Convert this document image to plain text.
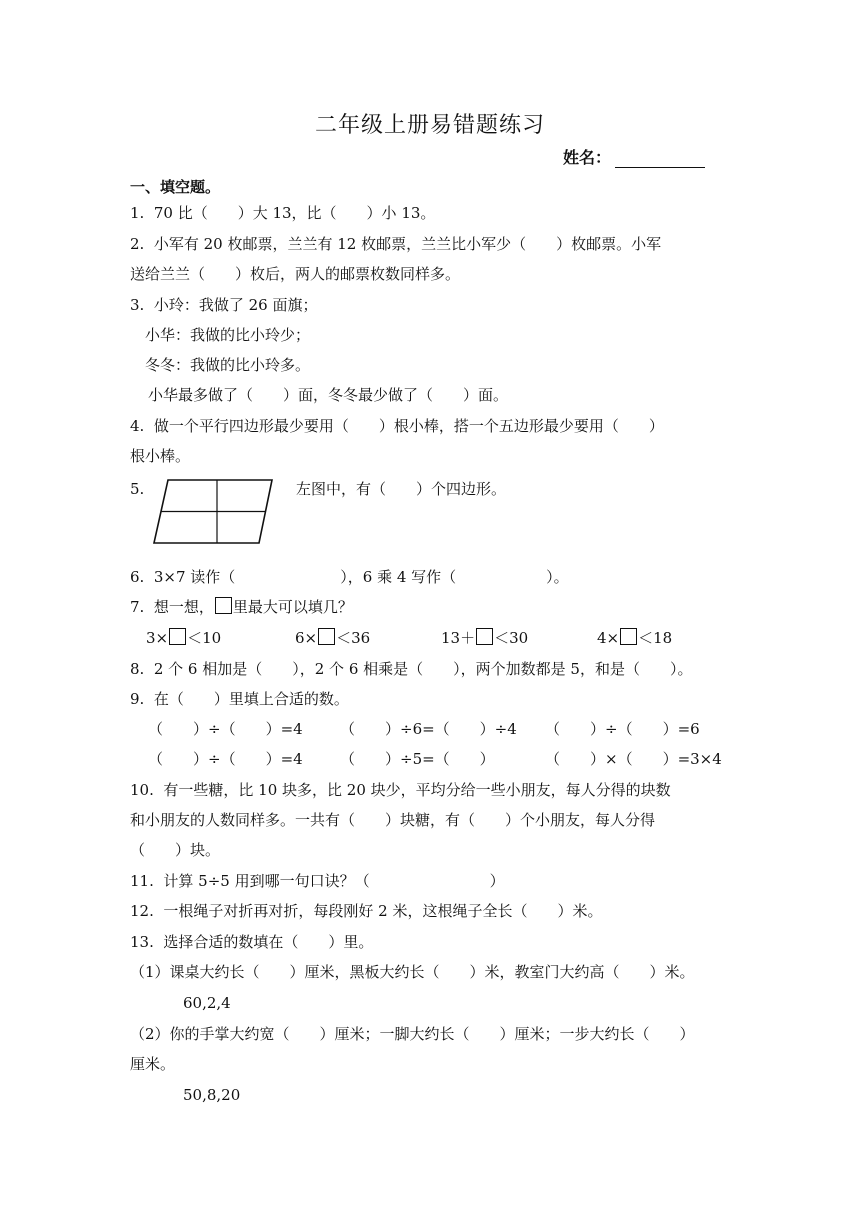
二年级上册易错题练习
姓名：
一、填空题。
1.  70 比（　　）大 13，比（　　）小 13。
2.  小军有 20 枚邮票，兰兰有 12 枚邮票，兰兰比小军少（　　）枚邮票。小军
送给兰兰（　　）枚后，两人的邮票枚数同样多。
3.  小玲：我做了 26 面旗；
小华：我做的比小玲少；
冬冬：我做的比小玲多。
小华最多做了（　　）面，冬冬最少做了（　　）面。
4.  做一个平行四边形最少要用（　　）根小棒，搭一个五边形最少要用（　　）
根小棒。
5.	左图中，有（　　）个四边形。
6.  3×7 读作（　　　　　　　），6 乘 4 写作（　　　　　　）。
7.  想一想， 里最大可以填几？
3× ＜10	6× ＜36	13＋ ＜30	4× ＜18
8.  2 个 6 相加是（　　），2 个 6 相乘是（　　），两个加数都是 5，和是（　　）。
9.  在（　　）里填上合适的数。
（　　）÷（　　）=4 （　　）÷6=（　　）÷4 （　　）÷（　　）=6
（　　）÷（　　）=4 （　　）÷5=（　　）	（　　）×（　　）=3×4
10.  有一些糖，比 10 块多，比 20 块少，平均分给一些小朋友，每人分得的块数
和小朋友的人数同样多。一共有（　　）块糖，有（　　）个小朋友，每人分得
（　　）块。
11.  计算 5÷5 用到哪一句口诀？（　　　　　　　　）
12.  一根绳子对折再对折，每段刚好 2 米，这根绳子全长（　　）米。
13.  选择合适的数填在（　　）里。
（1）课桌大约长（　　）厘米，黑板大约长（　　）米，教室门大约高（　　）米。
60,2,4
（2）你的手掌大约宽（　　）厘米；一脚大约长（　　）厘米；一步大约长（　　）
厘米。
50,8,20
